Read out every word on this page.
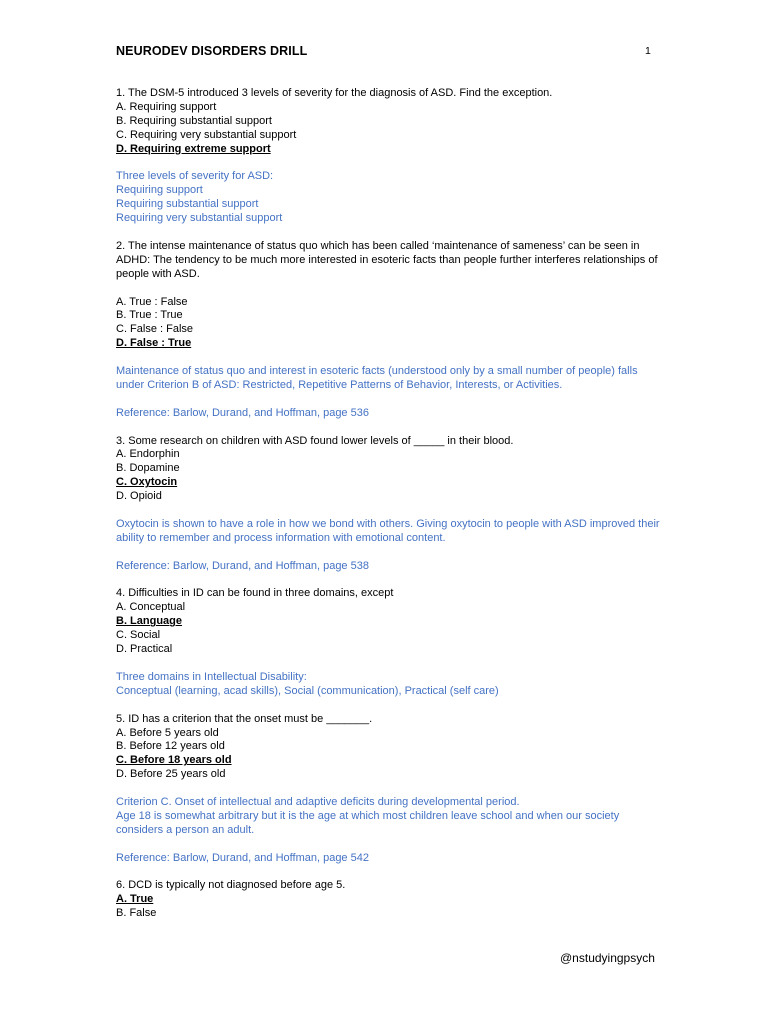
NEURODEV DISORDERS DRILL	1
1. The DSM-5 introduced 3 levels of severity for the diagnosis of ASD. Find the exception.
A. Requiring support
B. Requiring substantial support
C. Requiring very substantial support
D. Requiring extreme support
Three levels of severity for ASD:
Requiring support
Requiring substantial support
Requiring very substantial support
2. The intense maintenance of status quo which has been called ‘maintenance of sameness’ can be seen in ADHD: The tendency to be much more interested in esoteric facts than people further interferes relationships of people with ASD.
A. True : False
B. True : True
C. False : False
D. False : True
Maintenance of status quo and interest in esoteric facts (understood only by a small number of people) falls under Criterion B of ASD: Restricted, Repetitive Patterns of Behavior, Interests, or Activities.
Reference: Barlow, Durand, and Hoffman, page 536
3. Some research on children with ASD found lower levels of _____ in their blood.
A. Endorphin
B. Dopamine
C. Oxytocin
D. Opioid
Oxytocin is shown to have a role in how we bond with others. Giving oxytocin to people with ASD improved their ability to remember and process information with emotional content.
Reference: Barlow, Durand, and Hoffman, page 538
4. Difficulties in ID can be found in three domains, except
A. Conceptual
B. Language
C. Social
D. Practical
Three domains in Intellectual Disability:
Conceptual (learning, acad skills), Social (communication), Practical (self care)
5. ID has a criterion that the onset must be _______.
A. Before 5 years old
B. Before 12 years old
C. Before 18 years old
D. Before 25 years old
Criterion C. Onset of intellectual and adaptive deficits during developmental period.
Age 18 is somewhat arbitrary but it is the age at which most children leave school and when our society considers a person an adult.
Reference: Barlow, Durand, and Hoffman, page 542
6. DCD is typically not diagnosed before age 5.
A. True
B. False
@nstudyingpsych
